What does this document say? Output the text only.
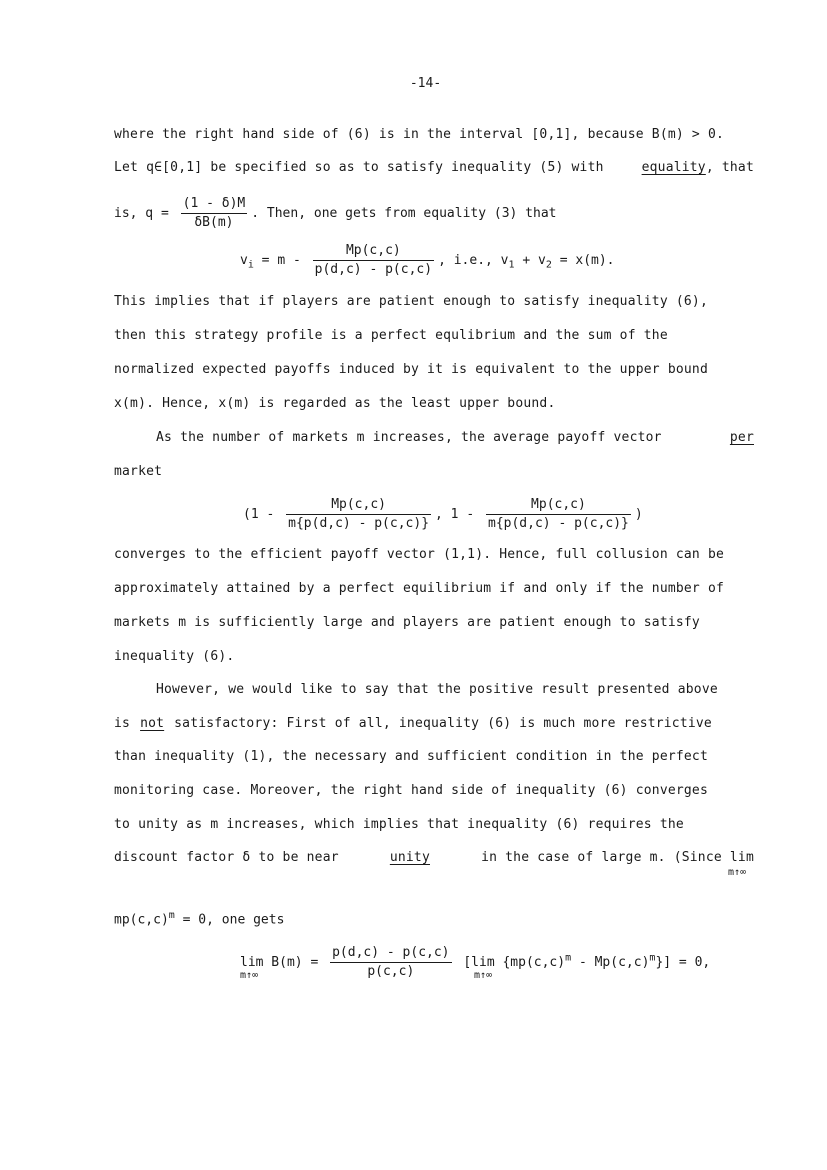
-14-
where the right hand side of (6) is in the interval [0,1], because B(m) > 0.
Let q∈[0,1] be specified so as to satisfy inequality (5) with	equality, that
is, $q = \frac{(1 - \delta)M}{\delta B(m)}$ . Then, one gets from equality (3) that
$v_i = m - \frac{Mp(c,c)}{p(d,c) - p(c,c)}$ , i.e., $v_1 + v_2 = x(m)$.
This implies that if players are patient enough to satisfy inequality (6),
then this strategy profile is a perfect equlibrium and the sum of the
normalized expected payoffs induced by it is equivalent to the upper bound
x(m). Hence, x(m) is regarded as the least upper bound.
As the number of markets m increases, the average payoff vector	per
market
($1 - \frac{Mp(c,c)}{m\{p(d,c) - p(c,c)\}}$ , $1 - \frac{Mp(c,c)}{m\{p(d,c) - p(c,c)\}}$ )
converges to the efficient payoff vector (1,1). Hence, full collusion can be
approximately attained by a perfect equilibrium if and only if the number of
markets m is sufficiently large and players are patient enough to satisfy
inequality (6).
However, we would like to say that the positive result presented above
is not satisfactory: First of all, inequality (6) is much more restrictive
than inequality (1), the necessary and sufficient condition in the perfect
monitoring case. Moreover, the right hand side of inequality (6) converges
to unity as m increases, which implies that inequality (6) requires the
discount factor δ to be near	unity	in the case of large m. (Since lim
m↑∞
$mp(c,c)^m = 0$, one gets
$\lim B(m) = \frac{p(d,c) - p(c,c)}{p(c,c)} [\lim$ $\{mp(c,c)^m - Mp(c,c)^m\}] = 0$,
m↑∞	m↑∞
